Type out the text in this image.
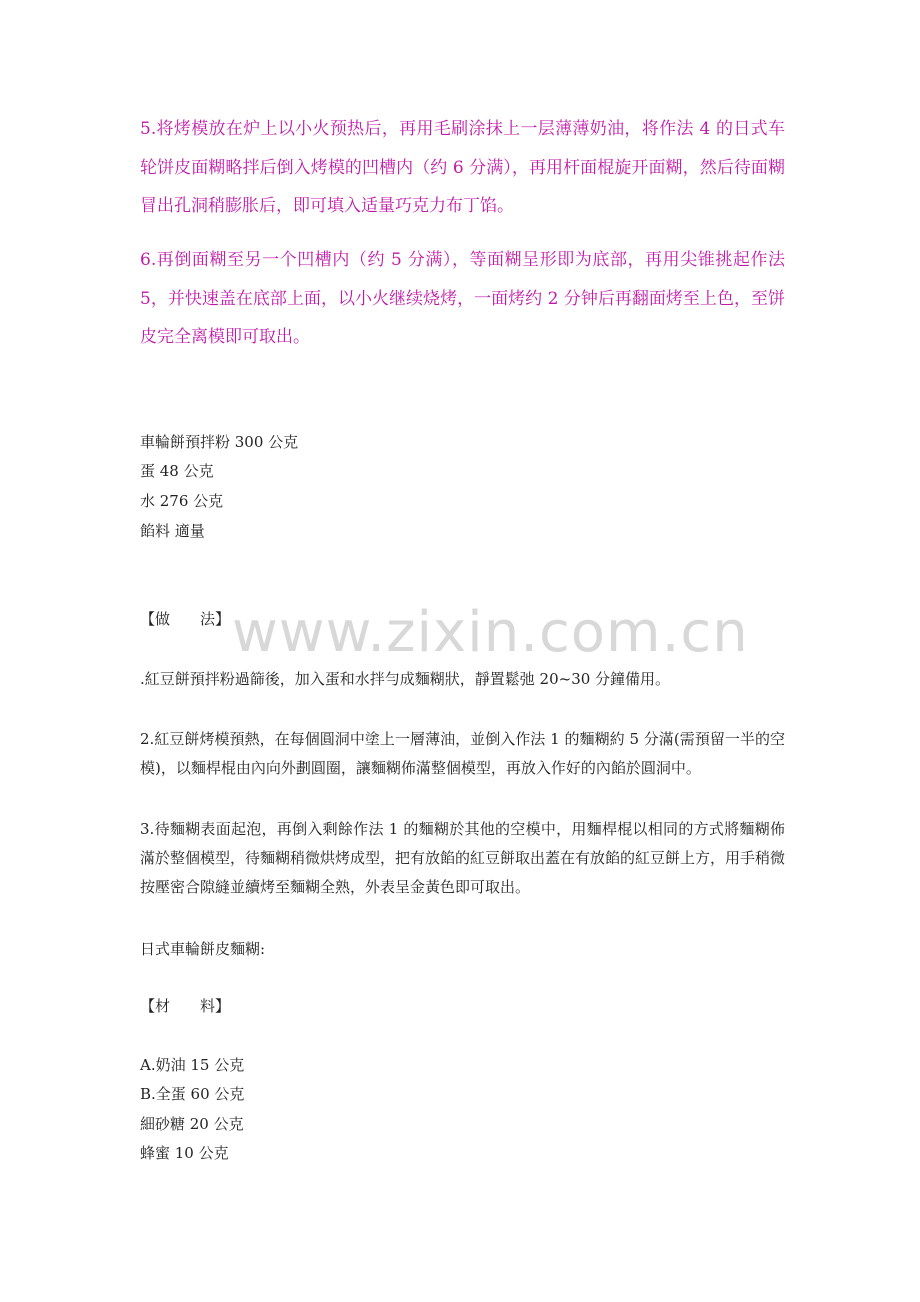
5.将烤模放在炉上以小火预热后，再用毛刷涂抹上一层薄薄奶油，将作法 4 的日式车轮饼皮面糊略拌后倒入烤模的凹槽内（约 6 分满），再用杆面棍旋开面糊，然后待面糊冒出孔洞稍膨胀后，即可填入适量巧克力布丁馅。

6.再倒面糊至另一个凹槽内（约 5 分满），等面糊呈形即为底部，再用尖锥挑起作法 5，并快速盖在底部上面，以小火继续烧烤，一面烤约 2 分钟后再翻面烤至上色，至饼皮完全离模即可取出。

車輪餅預拌粉 300 公克

蛋 48 公克

水 276 公克

餡料 適量

www.zixin.com.cn

【做　　法】

.紅豆餅預拌粉過篩後，加入蛋和水拌勻成麵糊狀，靜置鬆弛 20~30 分鐘備用。

2.紅豆餅烤模預熱，在每個圓洞中塗上一層薄油，並倒入作法 1 的麵糊約 5 分滿(需預留一半的空模)，以麵桿棍由內向外劃圓圈，讓麵糊佈滿整個模型，再放入作好的內餡於圓洞中。

3.待麵糊表面起泡，再倒入剩餘作法 1 的麵糊於其他的空模中，用麵桿棍以相同的方式將麵糊佈滿於整個模型，待麵糊稍微烘烤成型，把有放餡的紅豆餅取出蓋在有放餡的紅豆餅上方，用手稍微按壓密合隙縫並續烤至麵糊全熟，外表呈金黃色即可取出。

日式車輪餅皮麵糊:

【材　　料】

A.奶油 15 公克

B.全蛋 60 公克

細砂糖 20 公克

蜂蜜 10 公克
